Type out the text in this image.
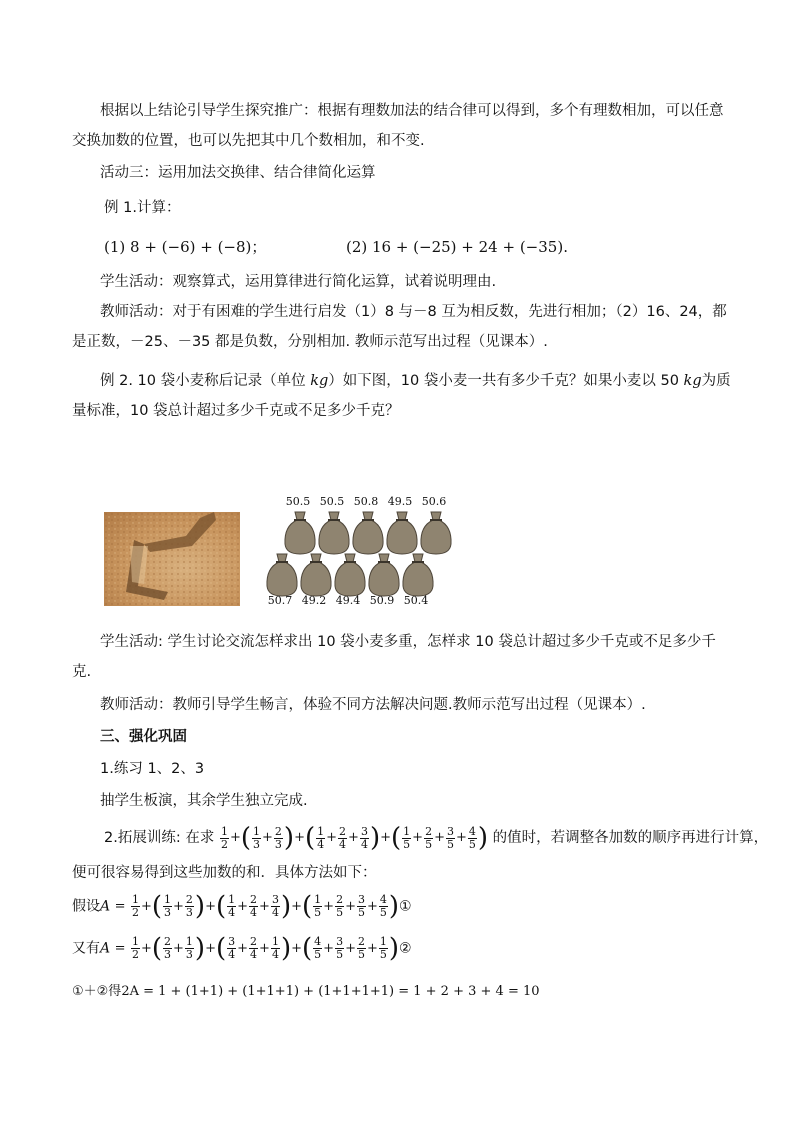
根据以上结论引导学生探究推广：根据有理数加法的结合律可以得到，多个有理数相加，可以任意交换加数的位置，也可以先把其中几个数相加，和不变.

活动三：运用加法交换律、结合律简化运算

例 1.计算：

(1) 8 + (−6) + (−8)；	(2) 16 + (−25) + 24 + (−35).

学生活动：观察算式，运用算律进行简化运算，试着说明理由.

教师活动：对于有困难的学生进行启发（1）8 与－8 互为相反数，先进行相加；（2）16、24，都是正数，－25、－35 都是负数，分别相加. 教师示范写出过程（见课本）.

例 2. 10 袋小麦称后记录（单位 kg）如下图，10 袋小麦一共有多少千克？如果小麦以 50 kg为质量标准，10 袋总计超过多少千克或不足多少千克？

50.5 50.5 50.8 49.5 50.6
50.7 49.2 49.4 50.9 50.4

学生活动: 学生讨论交流怎样求出 10 袋小麦多重，怎样求 10 袋总计超过多少千克或不足多少千克.

教师活动：教师引导学生畅言，体验不同方法解决问题.教师示范写出过程（见课本）.

三、强化巩固

1.练习 1、2、3

抽学生板演，其余学生独立完成.

2.拓展训练: 在求 $\frac{1}{2}$ +( $\frac{1}{3} + \frac{2}{3}$ )+( $\frac{1}{4} + \frac{2}{4} + \frac{3}{4}$ )+( $\frac{1}{5} + \frac{2}{5} + \frac{3}{5} + \frac{4}{5}$ ) 的值时，若调整各加数的顺序再进行计算，

便可很容易得到这些加数的和．具体方法如下：

假设$A = \frac{1}{2}$ +( $\frac{1}{3} + \frac{2}{3}$ )+( $\frac{1}{4} + \frac{2}{4} + \frac{3}{4}$ )+( $\frac{1}{5} + \frac{2}{5} + \frac{3}{5} + \frac{4}{5}$ )①
又有$A = \frac{1}{2}$ +( $\frac{2}{3} + \frac{1}{3}$ )+( $\frac{3}{4} + \frac{2}{4} + \frac{1}{4}$ )+( $\frac{4}{5} + \frac{3}{5} + \frac{2}{5} + \frac{1}{5}$ )②
①＋②得2A = 1 + (1+1) + (1+1+1) + (1+1+1+1) = 1 + 2 + 3 + 4 = 10
